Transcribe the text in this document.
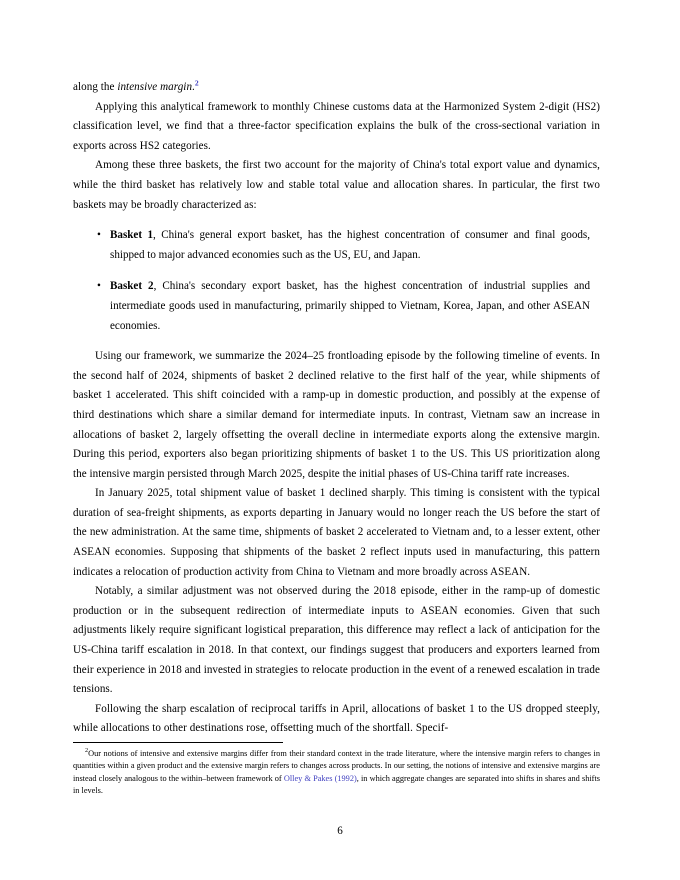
along the intensive margin.$^2$

Applying this analytical framework to monthly Chinese customs data at the Harmonized System 2-digit (HS2) classification level, we find that a three-factor specification explains the bulk of the cross-sectional variation in exports across HS2 categories.

Among these three baskets, the first two account for the majority of China's total export value and dynamics, while the third basket has relatively low and stable total value and allocation shares. In particular, the first two baskets may be broadly characterized as:

• Basket 1, China's general export basket, has the highest concentration of consumer and final goods, shipped to major advanced economies such as the US, EU, and Japan.
• Basket 2, China's secondary export basket, has the highest concentration of industrial supplies and intermediate goods used in manufacturing, primarily shipped to Vietnam, Korea, Japan, and other ASEAN economies.

Using our framework, we summarize the 2024–25 frontloading episode by the following timeline of events. In the second half of 2024, shipments of basket 2 declined relative to the first half of the year, while shipments of basket 1 accelerated. This shift coincided with a ramp-up in domestic production, and possibly at the expense of third destinations which share a similar demand for intermediate inputs. In contrast, Vietnam saw an increase in allocations of basket 2, largely offsetting the overall decline in intermediate exports along the extensive margin. During this period, exporters also began prioritizing shipments of basket 1 to the US. This US prioritization along the intensive margin persisted through March 2025, despite the initial phases of US-China tariff rate increases.

In January 2025, total shipment value of basket 1 declined sharply. This timing is consistent with the typical duration of sea-freight shipments, as exports departing in January would no longer reach the US before the start of the new administration. At the same time, shipments of basket 2 accelerated to Vietnam and, to a lesser extent, other ASEAN economies. Supposing that shipments of the basket 2 reflect inputs used in manufacturing, this pattern indicates a relocation of production activity from China to Vietnam and more broadly across ASEAN.

Notably, a similar adjustment was not observed during the 2018 episode, either in the ramp-up of domestic production or in the subsequent redirection of intermediate inputs to ASEAN economies. Given that such adjustments likely require significant logistical preparation, this difference may reflect a lack of anticipation for the US-China tariff escalation in 2018. In that context, our findings suggest that producers and exporters learned from their experience in 2018 and invested in strategies to relocate production in the event of a renewed escalation in trade tensions.

Following the sharp escalation of reciprocal tariffs in April, allocations of basket 1 to the US dropped steeply, while allocations to other destinations rose, offsetting much of the shortfall. Specif-

$^2$Our notions of intensive and extensive margins differ from their standard context in the trade literature, where the intensive margin refers to changes in quantities within a given product and the extensive margin refers to changes across products. In our setting, the notions of intensive and extensive margins are instead closely analogous to the within–between framework of Olley & Pakes (1992), in which aggregate changes are separated into shifts in shares and shifts in levels.

6
